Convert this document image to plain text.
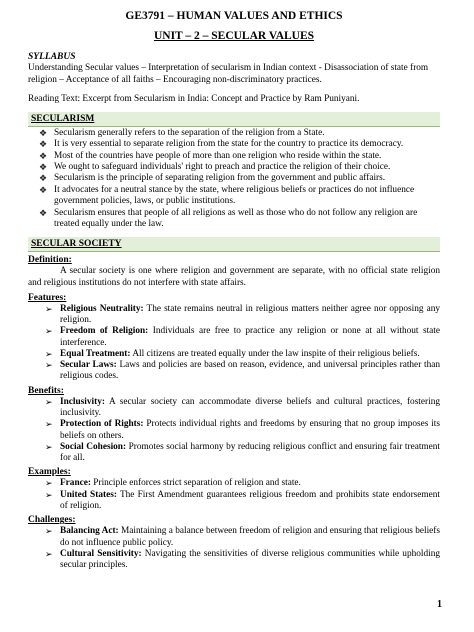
GE3791 – HUMAN VALUES AND ETHICS
UNIT – 2 – SECULAR VALUES
SYLLABUS
Understanding Secular values – Interpretation of secularism in Indian context - Disassociation of state from religion – Acceptance of all faiths – Encouraging non-discriminatory practices.
Reading Text: Excerpt from Secularism in India: Concept and Practice by Ram Puniyani.
SECULARISM
❖ Secularism generally refers to the separation of the religion from a State.
❖ It is very essential to separate religion from the state for the country to practice its democracy.
❖ Most of the countries have people of more than one religion who reside within the state.
❖ We ought to safeguard individuals' right to preach and practice the religion of their choice.
❖ Secularism is the principle of separating religion from the government and public affairs.
❖ It advocates for a neutral stance by the state, where religious beliefs or practices do not influence government policies, laws, or public institutions.
❖ Secularism ensures that people of all religions as well as those who do not follow any religion are treated equally under the law.
SECULAR SOCIETY
Definition:
A secular society is one where religion and government are separate, with no official state religion and religious institutions do not interfere with state affairs.
Features:
➢ Religious Neutrality: The state remains neutral in religious matters neither agree nor opposing any religion.
➢ Freedom of Religion: Individuals are free to practice any religion or none at all without state interference.
➢ Equal Treatment: All citizens are treated equally under the law inspite of their religious beliefs.
➢ Secular Laws: Laws and policies are based on reason, evidence, and universal principles rather than religious codes.
Benefits:
➢ Inclusivity: A secular society can accommodate diverse beliefs and cultural practices, fostering inclusivity.
➢ Protection of Rights: Protects individual rights and freedoms by ensuring that no group imposes its beliefs on others.
➢ Social Cohesion: Promotes social harmony by reducing religious conflict and ensuring fair treatment for all.
Examples:
➢ France: Principle enforces strict separation of religion and state.
➢ United States: The First Amendment guarantees religious freedom and prohibits state endorsement of religion.
Challenges:
➢ Balancing Act: Maintaining a balance between freedom of religion and ensuring that religious beliefs do not influence public policy.
➢ Cultural Sensitivity: Navigating the sensitivities of diverse religious communities while upholding secular principles.
1
